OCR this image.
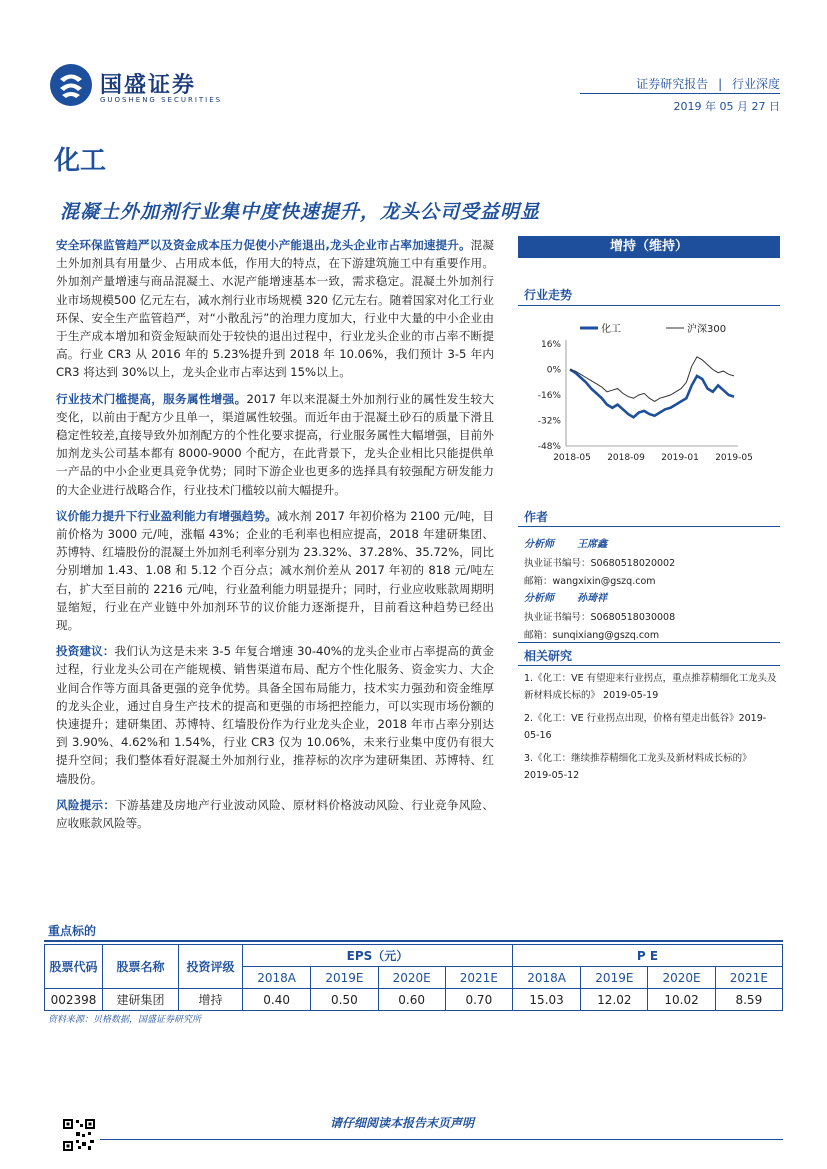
国盛证券
GUOSHENG SECURITIES
证券研究报告 | 行业深度
2019 年 05 月 27 日
化工
混凝土外加剂行业集中度快速提升，龙头公司受益明显

安全环保监管趋严以及资金成本压力促使小产能退出,龙头企业市占率加速提升。混凝土外加剂具有用量少、占用成本低，作用大的特点，在下游建筑施工中有重要作用。外加剂产量增速与商品混凝土、水泥产能增速基本一致，需求稳定。混凝土外加剂行业市场规模500 亿元左右，减水剂行业市场规模 320 亿元左右。随着国家对化工行业环保、安全生产监管趋严，对“小散乱污”的治理力度加大，行业中大量的中小企业由于生产成本增加和资金短缺而处于较快的退出过程中，行业龙头企业的市占率不断提高。行业 CR3 从 2016 年的 5.23%提升到 2018 年 10.06%，我们预计 3-5 年内 CR3 将达到 30%以上，龙头企业市占率达到 15%以上。

行业技术门槛提高，服务属性增强。2017 年以来混凝土外加剂行业的属性发生较大变化，以前由于配方少且单一，渠道属性较强。而近年由于混凝土砂石的质量下滑且稳定性较差,直接导致外加剂配方的个性化要求提高，行业服务属性大幅增强，目前外加剂龙头公司基本都有 8000-9000 个配方，在此背景下，龙头企业相比只能提供单一产品的中小企业更具竞争优势；同时下游企业也更多的选择具有较强配方研发能力的大企业进行战略合作，行业技术门槛较以前大幅提升。

议价能力提升下行业盈利能力有增强趋势。减水剂 2017 年初价格为 2100 元/吨，目前价格为 3000 元/吨，涨幅 43%；企业的毛利率也相应提高，2018 年建研集团、苏博特、红墙股份的混凝土外加剂毛利率分别为 23.32%、37.28%、35.72%，同比分别增加 1.43、1.08 和 5.12 个百分点；减水剂价差从 2017 年初的 818 元/吨左右，扩大至目前的 2216 元/吨，行业盈利能力明显提升；同时，行业应收账款周期明显缩短，行业在产业链中外加剂环节的议价能力逐渐提升，目前看这种趋势已经出现。

投资建议：我们认为这是未来 3-5 年复合增速 30-40%的龙头企业市占率提高的黄金过程，行业龙头公司在产能规模、销售渠道布局、配方个性化服务、资金实力、大企业间合作等方面具备更强的竞争优势。具备全国布局能力，技术实力强劲和资金维厚的龙头企业，通过自身生产技术的提高和更强的市场把控能力，可以实现市场份额的快速提升；建研集团、苏博特、红墙股份作为行业龙头企业，2018 年市占率分别达到 3.90%、4.62%和 1.54%，行业 CR3 仅为 10.06%，未来行业集中度仍有很大提升空间；我们整体看好混凝土外加剂行业，推荐标的次序为建研集团、苏博特、红墙股份。

风险提示：下游基建及房地产行业波动风险、原材料价格波动风险、行业竞争风险、应收账款风险等。

增持（维持）
行业走势
化工	沪深300
16%
0%
-16%
-32%
-48%
2018-05 2018-09 2019-01 2019-05
作者
分析师 王席鑫
执业证书编号：S0680518020002
邮箱：wangxixin@gszq.com
分析师 孙琦祥
执业证书编号：S0680518030008
邮箱：sunqixiang@gszq.com
相关研究
1.《化工：VE 有望迎来行业拐点，重点推荐精细化工龙头及新材料成长标的》 2019-05-19
2.《化工：VE 行业拐点出现，价格有望走出低谷》2019-05-16
3.《化工：继续推荐精细化工龙头及新材料成长标的》 2019-05-12
重点标的
股票代码	股票名称	投资评级	EPS（元）				P E			
			2018A	2019E	2020E	2021E	2018A	2019E	2020E	2021E
002398	建研集团	增持	0.40	0.50	0.60	0.70	15.03	12.02	10.02	8.59
资料来源：贝格数据，国盛证券研究所
请仔细阅读本报告末页声明
